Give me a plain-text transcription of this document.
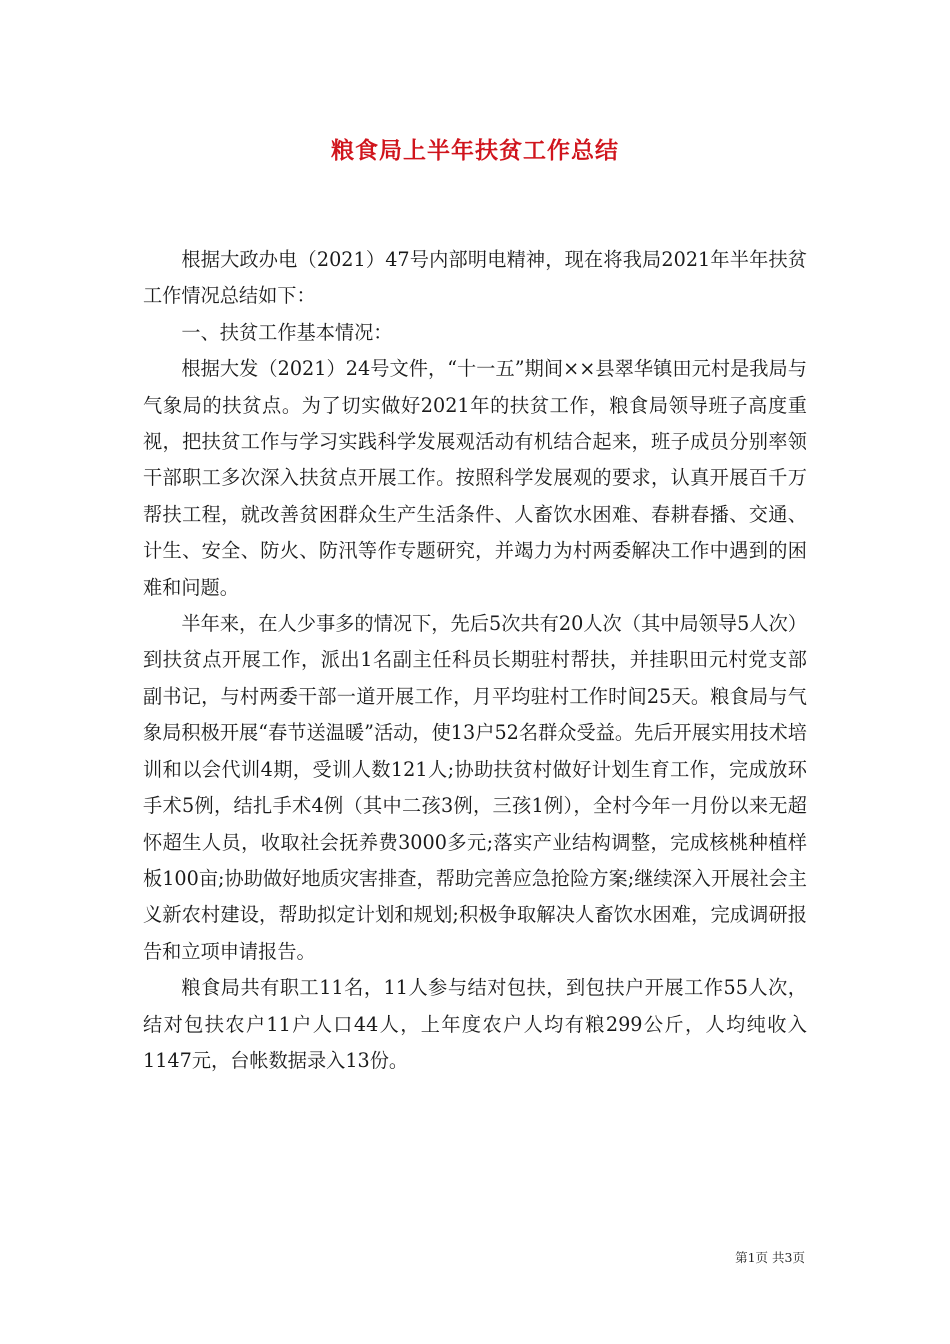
粮食局上半年扶贫工作总结

根据大政办电（2021）47号内部明电精神，现在将我局2021年半年扶贫工作情况总结如下：

一、扶贫工作基本情况：

根据大发（2021）24号文件，“十一五”期间××县翠华镇田元村是我局与气象局的扶贫点。为了切实做好2021年的扶贫工作，粮食局领导班子高度重视，把扶贫工作与学习实践科学发展观活动有机结合起来，班子成员分别率领干部职工多次深入扶贫点开展工作。按照科学发展观的要求，认真开展百千万帮扶工程，就改善贫困群众生产生活条件、人畜饮水困难、春耕春播、交通、计生、安全、防火、防汛等作专题研究，并竭力为村两委解决工作中遇到的困难和问题。

半年来，在人少事多的情况下，先后5次共有20人次（其中局领导5人次）到扶贫点开展工作，派出1名副主任科员长期驻村帮扶，并挂职田元村党支部副书记，与村两委干部一道开展工作，月平均驻村工作时间25天。粮食局与气象局积极开展“春节送温暖”活动，使13户52名群众受益。先后开展实用技术培训和以会代训4期，受训人数121人;协助扶贫村做好计划生育工作，完成放环手术5例，结扎手术4例（其中二孩3例，三孩1例），全村今年一月份以来无超怀超生人员，收取社会抚养费3000多元;落实产业结构调整，完成核桃种植样板100亩;协助做好地质灾害排查，帮助完善应急抢险方案;继续深入开展社会主义新农村建设，帮助拟定计划和规划;积极争取解决人畜饮水困难，完成调研报告和立项申请报告。

粮食局共有职工11名，11人参与结对包扶，到包扶户开展工作55人次，结对包扶农户11户人口44人，上年度农户人均有粮299公斤，人均纯收入1147元，台帐数据录入13份。

第1页 共3页
